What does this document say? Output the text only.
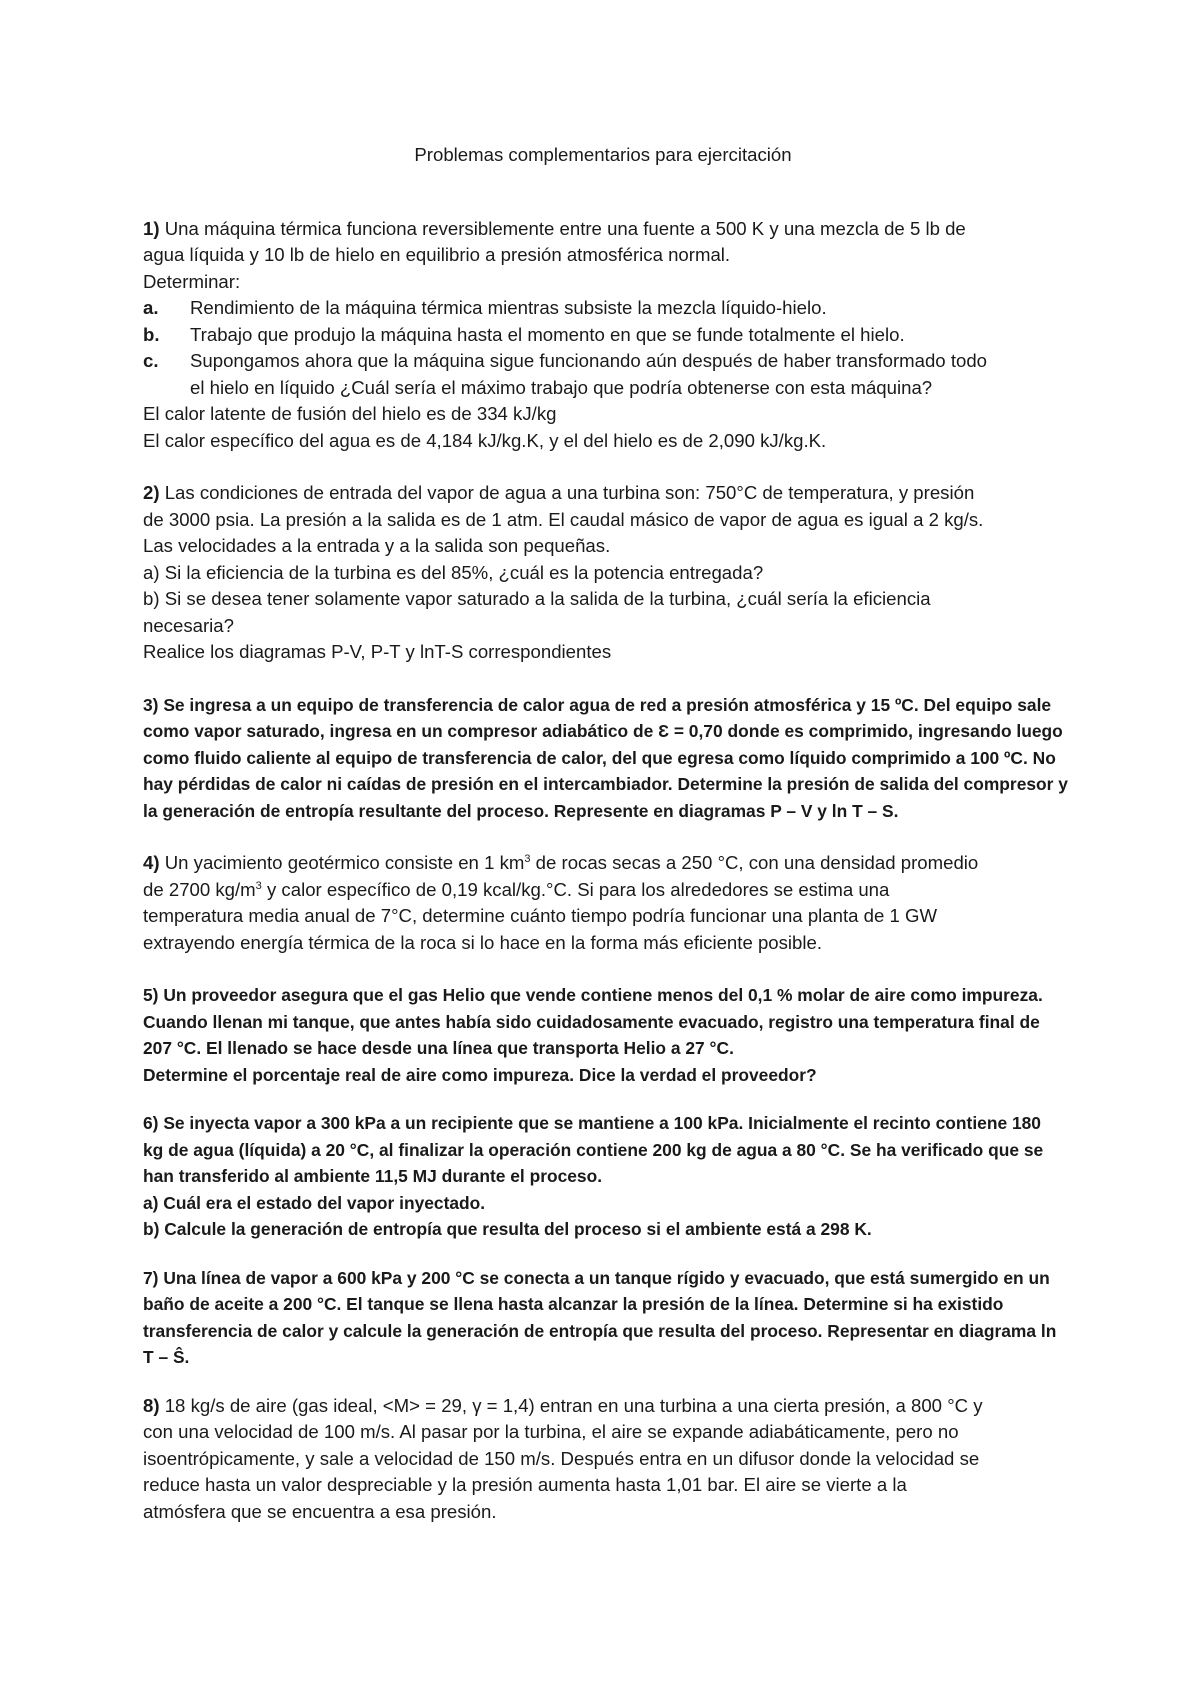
Problemas complementarios para ejercitación
1) Una máquina térmica funciona reversiblemente entre una fuente a 500 K y una mezcla de 5 lb de
agua líquida y 10 lb de hielo en equilibrio a presión atmosférica normal.
Determinar:
a. Rendimiento de la máquina térmica mientras subsiste la mezcla líquido-hielo.
b. Trabajo que produjo la máquina hasta el momento en que se funde totalmente el hielo.
c. Supongamos ahora que la máquina sigue funcionando aún después de haber transformado todo
el hielo en líquido ¿Cuál sería el máximo trabajo que podría obtenerse con esta máquina?
El calor latente de fusión del hielo es de 334 kJ/kg
El calor específico del agua es de 4,184 kJ/kg.K, y el del hielo es de 2,090 kJ/kg.K.
2) Las condiciones de entrada del vapor de agua a una turbina son: 750°C de temperatura, y presión
de 3000 psia. La presión a la salida es de 1 atm. El caudal másico de vapor de agua es igual a 2 kg/s.
Las velocidades a la entrada y a la salida son pequeñas.
a) Si la eficiencia de la turbina es del 85%, ¿cuál es la potencia entregada?
b) Si se desea tener solamente vapor saturado a la salida de la turbina, ¿cuál sería la eficiencia
necesaria?
Realice los diagramas P-V, P-T y lnT-S correspondientes
3) Se ingresa a un equipo de transferencia de calor agua de red a presión atmosférica y 15 ºC. Del equipo sale
como vapor saturado, ingresa en un compresor adiabático de Ɛ = 0,70 donde es comprimido, ingresando luego
como fluido caliente al equipo de transferencia de calor, del que egresa como líquido comprimido a 100 ºC. No
hay pérdidas de calor ni caídas de presión en el intercambiador. Determine la presión de salida del compresor y
la generación de entropía resultante del proceso. Represente en diagramas P – V y ln T – S.
4) Un yacimiento geotérmico consiste en 1 $km^3$ de rocas secas a 250 °C, con una densidad promedio
de 2700 $kg/m^3$ y calor específico de 0,19 kcal/kg.°C. Si para los alrededores se estima una
temperatura media anual de 7°C, determine cuánto tiempo podría funcionar una planta de 1 GW
extrayendo energía térmica de la roca si lo hace en la forma más eficiente posible.
5) Un proveedor asegura que el gas Helio que vende contiene menos del 0,1 % molar de aire como impureza.
Cuando llenan mi tanque, que antes había sido cuidadosamente evacuado, registro una temperatura final de
207 °C. El llenado se hace desde una línea que transporta Helio a 27 °C.
Determine el porcentaje real de aire como impureza. Dice la verdad el proveedor?
6) Se inyecta vapor a 300 kPa a un recipiente que se mantiene a 100 kPa. Inicialmente el recinto contiene 180
kg de agua (líquida) a 20 °C, al finalizar la operación contiene 200 kg de agua a 80 °C. Se ha verificado que se
han transferido al ambiente 11,5 MJ durante el proceso.
a) Cuál era el estado del vapor inyectado.
b) Calcule la generación de entropía que resulta del proceso si el ambiente está a 298 K.
7) Una línea de vapor a 600 kPa y 200 °C se conecta a un tanque rígido y evacuado, que está sumergido en un
baño de aceite a 200 °C. El tanque se llena hasta alcanzar la presión de la línea. Determine si ha existido
transferencia de calor y calcule la generación de entropía que resulta del proceso. Representar en diagrama ln
T – Ŝ.
8) 18 kg/s de aire (gas ideal, <M> = 29, γ = 1,4) entran en una turbina a una cierta presión, a 800 °C y
con una velocidad de 100 m/s. Al pasar por la turbina, el aire se expande adiabáticamente, pero no
isoentrópicamente, y sale a velocidad de 150 m/s. Después entra en un difusor donde la velocidad se
reduce hasta un valor despreciable y la presión aumenta hasta 1,01 bar. El aire se vierte a la
atmósfera que se encuentra a esa presión.
